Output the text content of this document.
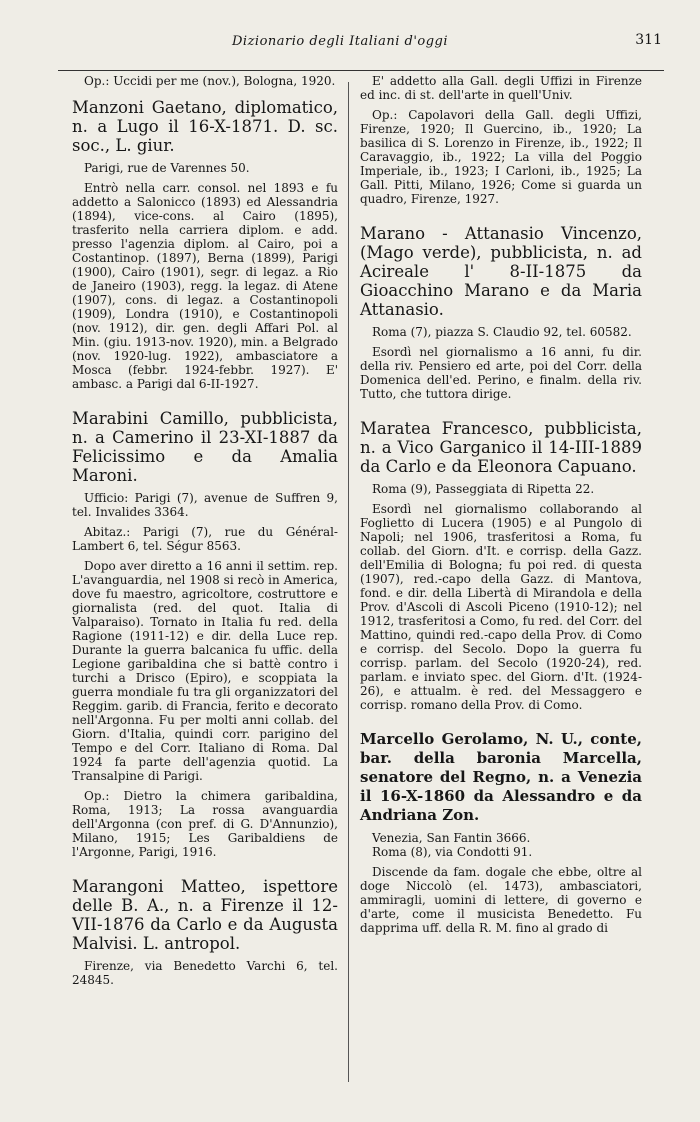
Dizionario degli Italiani d'oggi	311

Op.: Uccidi per me (nov.), Bologna, 1920.

Manzoni Gaetano, diplomatico, n. a Lugo il 16-X-1871. D. sc. soc., L. giur.

Parigi, rue de Varennes 50.

Entrò nella carr. consol. nel 1893 e fu addetto a Salonicco (1893) ed Alessandria (1894), vice-cons. al Cairo (1895), trasferito nella carriera diplom. e add. presso l'agenzia diplom. al Cairo, poi a Costantinop. (1897), Berna (1899), Parigi (1900), Cairo (1901), segr. di legaz. a Rio de Janeiro (1903), regg. la legaz. di Atene (1907), cons. di legaz. a Costantinopoli (1909), Londra (1910), e Costantinopoli (nov. 1912), dir. gen. degli Affari Pol. al Min. (giu. 1913-nov. 1920), min. a Belgrado (nov. 1920-lug. 1922), ambasciatore a Mosca (febbr. 1924-febbr. 1927). E' ambasc. a Parigi dal 6-II-1927.

Marabini Camillo, pubblicista, n. a Camerino il 23-XI-1887 da Felicissimo e da Amalia Maroni.

Ufficio: Parigi (7), avenue de Suffren 9, tel. Invalides 3364.

Abitaz.: Parigi (7), rue du Général-Lambert 6, tel. Ségur 8563.

Dopo aver diretto a 16 anni il settim. rep. L'avanguardia, nel 1908 si recò in America, dove fu maestro, agricoltore, costruttore e giornalista (red. del quot. Italia di Valparaiso). Tornato in Italia fu red. della Ragione (1911-12) e dir. della Luce rep. Durante la guerra balcanica fu uffic. della Legione garibaldina che si battè contro i turchi a Drisco (Epiro), e scoppiata la guerra mondiale fu tra gli organizzatori del Reggim. garib. di Francia, ferito e decorato nell'Argonna. Fu per molti anni collab. del Giorn. d'Italia, quindi corr. parigino del Tempo e del Corr. Italiano di Roma. Dal 1924 fa parte dell'agenzia quotid. La Transalpine di Parigi.

Op.: Dietro la chimera garibaldina, Roma, 1913; La rossa avanguardia dell'Argonna (con pref. di G. D'Annunzio), Milano, 1915; Les Garibaldiens de l'Argonne, Parigi, 1916.

Marangoni Matteo, ispettore delle B. A., n. a Firenze il 12-VII-1876 da Carlo e da Augusta Malvisi. L. antropol.

Firenze, via Benedetto Varchi 6, tel. 24845.

E' addetto alla Gall. degli Uffizi in Firenze ed inc. di st. dell'arte in quell'Univ.

Op.: Capolavori della Gall. degli Uffizi, Firenze, 1920; Il Guercino, ib., 1920; La basilica di S. Lorenzo in Firenze, ib., 1922; Il Caravaggio, ib., 1922; La villa del Poggio Imperiale, ib., 1923; I Carloni, ib., 1925; La Gall. Pitti, Milano, 1926; Come si guarda un quadro, Firenze, 1927.

Marano - Attanasio Vincenzo, (Mago verde), pubblicista, n. ad Acireale l' 8-II-1875 da Gioacchino Marano e da Maria Attanasio.

Roma (7), piazza S. Claudio 92, tel. 60582.

Esordì nel giornalismo a 16 anni, fu dir. della riv. Pensiero ed arte, poi del Corr. della Domenica dell'ed. Perino, e finalm. della riv. Tutto, che tuttora dirige.

Maratea Francesco, pubblicista, n. a Vico Garganico il 14-III-1889 da Carlo e da Eleonora Capuano.

Roma (9), Passeggiata di Ripetta 22.

Esordì nel giornalismo collaborando al Foglietto di Lucera (1905) e al Pungolo di Napoli; nel 1906, trasferitosi a Roma, fu collab. del Giorn. d'It. e corrisp. della Gazz. dell'Emilia di Bologna; fu poi red. di questa (1907), red.-capo della Gazz. di Mantova, fond. e dir. della Libertà di Mirandola e della Prov. d'Ascoli di Ascoli Piceno (1910-12); nel 1912, trasferitosi a Como, fu red. del Corr. del Mattino, quindi red.-capo della Prov. di Como e corrisp. del Secolo. Dopo la guerra fu corrisp. parlam. del Secolo (1920-24), red. parlam. e inviato spec. del Giorn. d'It. (1924-26), e attualm. è red. del Messaggero e corrisp. romano della Prov. di Como.

Marcello Gerolamo, N. U., conte, bar. della baronia Marcella, senatore del Regno, n. a Venezia il 16-X-1860 da Alessandro e da Andriana Zon.

Venezia, San Fantin 3666.

Roma (8), via Condotti 91.

Discende da fam. dogale che ebbe, oltre al doge Niccolò (el. 1473), ambasciatori, ammiragli, uomini di lettere, di governo e d'arte, come il musicista Benedetto. Fu dapprima uff. della R. M. fino al grado di
